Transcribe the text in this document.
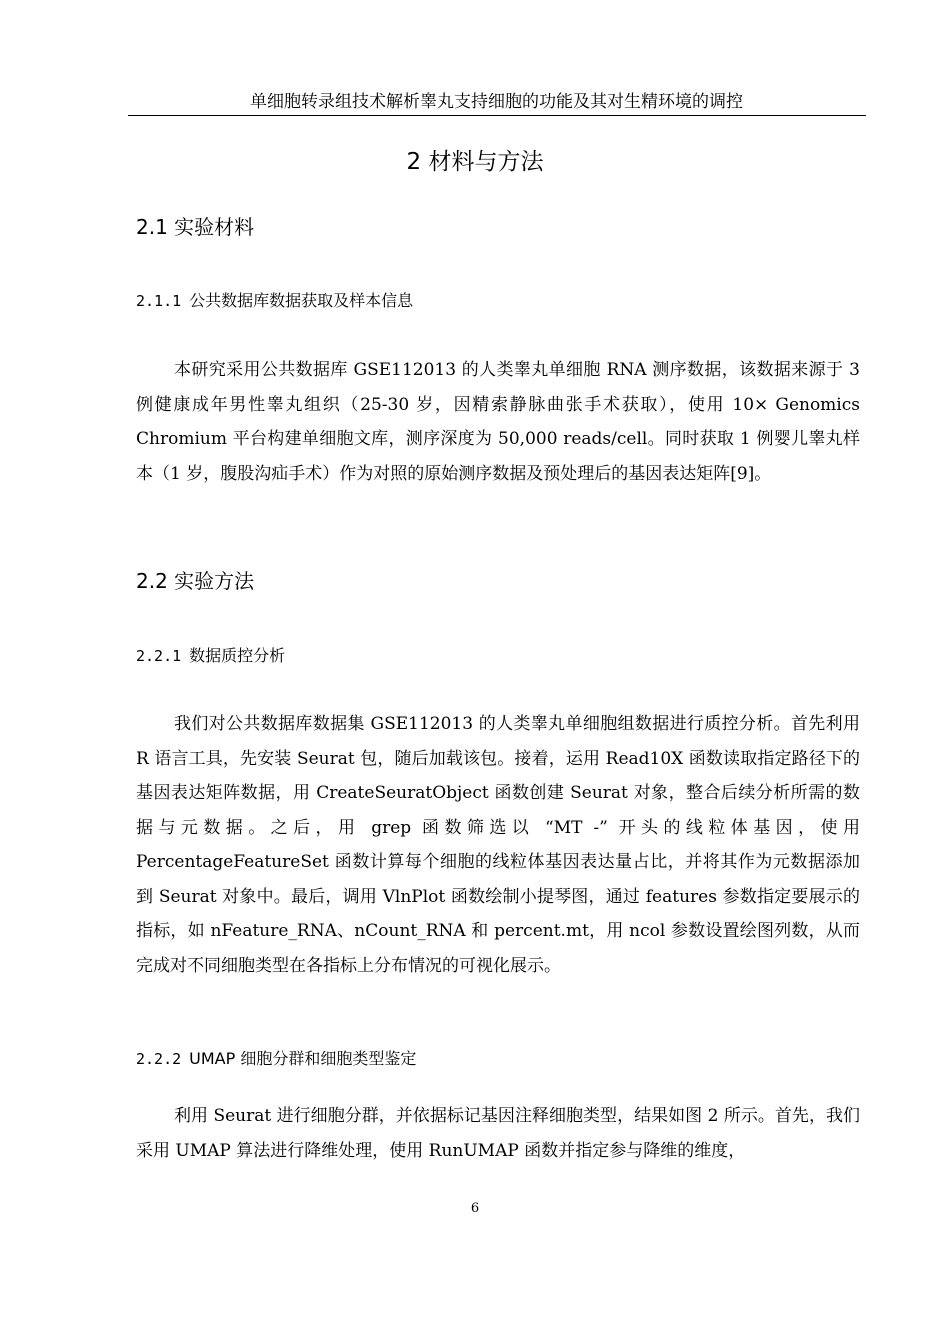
单细胞转录组技术解析睾丸支持细胞的功能及其对生精环境的调控
2 材料与方法
2.1 实验材料
2.1.1 公共数据库数据获取及样本信息

本研究采用公共数据库 GSE112013 的人类睾丸单细胞 RNA 测序数据，该数据来源于 3 例健康成年男性睾丸组织（25-30 岁，因精索静脉曲张手术获取），使用 10× Genomics Chromium 平台构建单细胞文库，测序深度为 50,000 reads/cell。同时获取 1 例婴儿睾丸样本（1 岁，腹股沟疝手术）作为对照的原始测序数据及预处理后的基因表达矩阵[9]。

2.2 实验方法
2.2.1 数据质控分析

我们对公共数据库数据集 GSE112013 的人类睾丸单细胞组数据进行质控分析。首先利用 R 语言工具，先安装 Seurat 包，随后加载该包。接着，运用 Read10X 函数读取指定路径下的基因表达矩阵数据，用 CreateSeuratObject 函数创建 Seurat 对象，整合后续分析所需的数据与元数据。之后，用 grep 函数筛选以 “MT -” 开头的线粒体基因，使用 PercentageFeatureSet 函数计算每个细胞的线粒体基因表达量占比，并将其作为元数据添加到 Seurat 对象中。最后，调用 VlnPlot 函数绘制小提琴图，通过 features 参数指定要展示的指标，如 nFeature_RNA、nCount_RNA 和 percent.mt，用 ncol 参数设置绘图列数，从而完成对不同细胞类型在各指标上分布情况的可视化展示。

2.2.2 UMAP 细胞分群和细胞类型鉴定

利用 Seurat 进行细胞分群，并依据标记基因注释细胞类型，结果如图 2 所示。首先，我们采用 UMAP 算法进行降维处理，使用 RunUMAP 函数并指定参与降维的维度，

6
